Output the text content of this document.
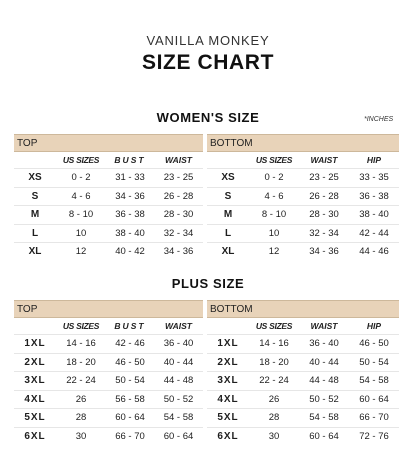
VANILLA MONKEY
SIZE CHART
WOMEN'S SIZE	*INCHES
TOP			
	US SIZES	BUST	WAIST
XS	0 - 2	31 - 33	23 - 25
S	4 - 6	34 - 36	26 - 28
M	8 - 10	36 - 38	28 - 30
L	10	38 - 40	32 - 34
XL	12	40 - 42	34 - 36
BOTTOM			
	US SIZES	WAIST	HIP
XS	0 - 2	23 - 25	33 - 35
S	4 - 6	26 - 28	36 - 38
M	8 - 10	28 - 30	38 - 40
L	10	32 - 34	42 - 44
XL	12	34 - 36	44 - 46
PLUS SIZE
TOP			
	US SIZES	BUST	WAIST
1XL	14 - 16	42 - 46	36 - 40
2XL	18 - 20	46 - 50	40 - 44
3XL	22 - 24	50 - 54	44 - 48
4XL	26	56 - 58	50 - 52
5XL	28	60 - 64	54 - 58
6XL	30	66 - 70	60 - 64
BOTTOM			
	US SIZES	WAIST	HIP
1XL	14 - 16	36 - 40	46 - 50
2XL	18 - 20	40 - 44	50 - 54
3XL	22 - 24	44 - 48	54 - 58
4XL	26	50 - 52	60 - 64
5XL	28	54 - 58	66 - 70
6XL	30	60 - 64	72 - 76
